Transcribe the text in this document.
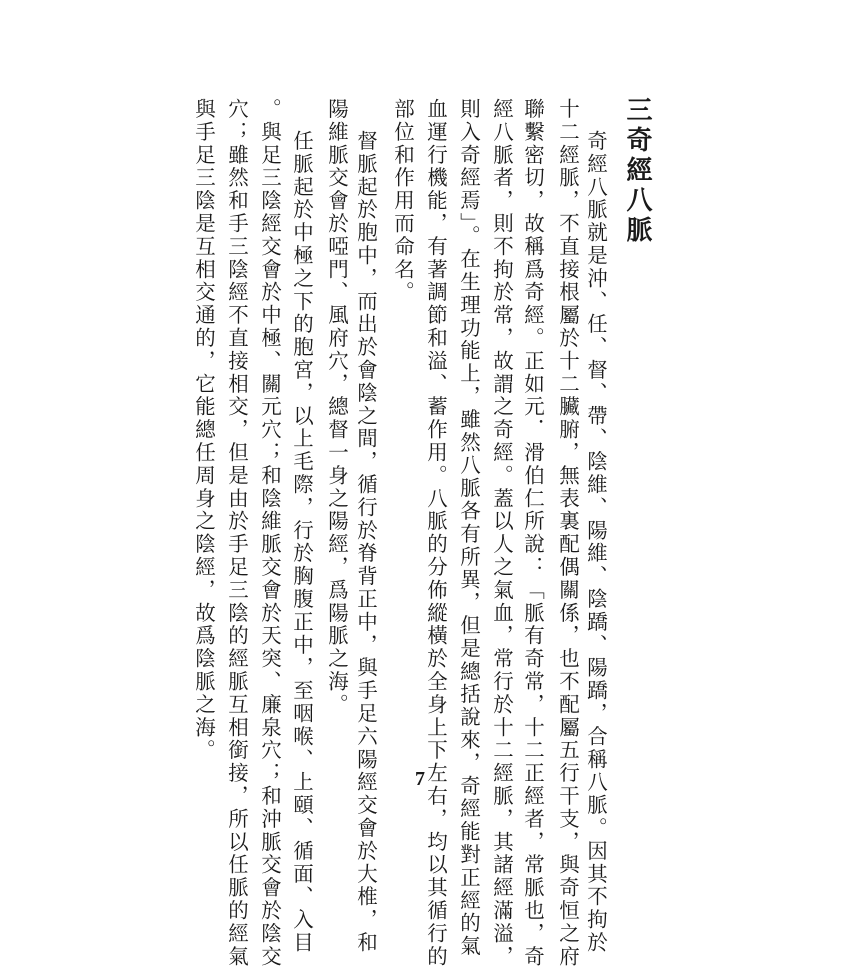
三奇經八脈
奇經八脈就是沖、任、督、帶、陰維、陽維、陰蹻、陽蹻，合稱八脈。因其不拘於
十二經脈，不直接根屬於十二臟腑，無表裏配偶關係，也不配屬五行干支，與奇恒之府
聯繫密切，故稱爲奇經。正如元．滑伯仁所說：「脈有奇常，十二正經者，常脈也，奇
經八脈者，則不拘於常，故謂之奇經。蓋以人之氣血，常行於十二經脈，其諸經滿溢，
則入奇經焉」。在生理功能上，雖然八脈各有所異，但是總括說來，奇經能對正經的氣
血運行機能，有著調節和溢、蓄作用。八脈的分佈縱橫於全身上下左右，均以其循行的
部位和作用而命名。
督脈起於胞中，而出於會陰之間，循行於脊背正中，與手足六陽經交會於大椎，和
陽維脈交會於啞門、風府穴，總督一身之陽經，爲陽脈之海。
任脈起於中極之下的胞宮，以上毛際，行於胸腹正中，至咽喉、上頤、循面、入目
。與足三陰經交會於中極、關元穴；和陰維脈交會於天突、廉泉穴；和沖脈交會於陰交
穴；雖然和手三陰經不直接相交，但是由於手足三陰的經脈互相銜接，所以任脈的經氣
與手足三陰是互相交通的，它能總任周身之陰經，故爲陰脈之海。
7
